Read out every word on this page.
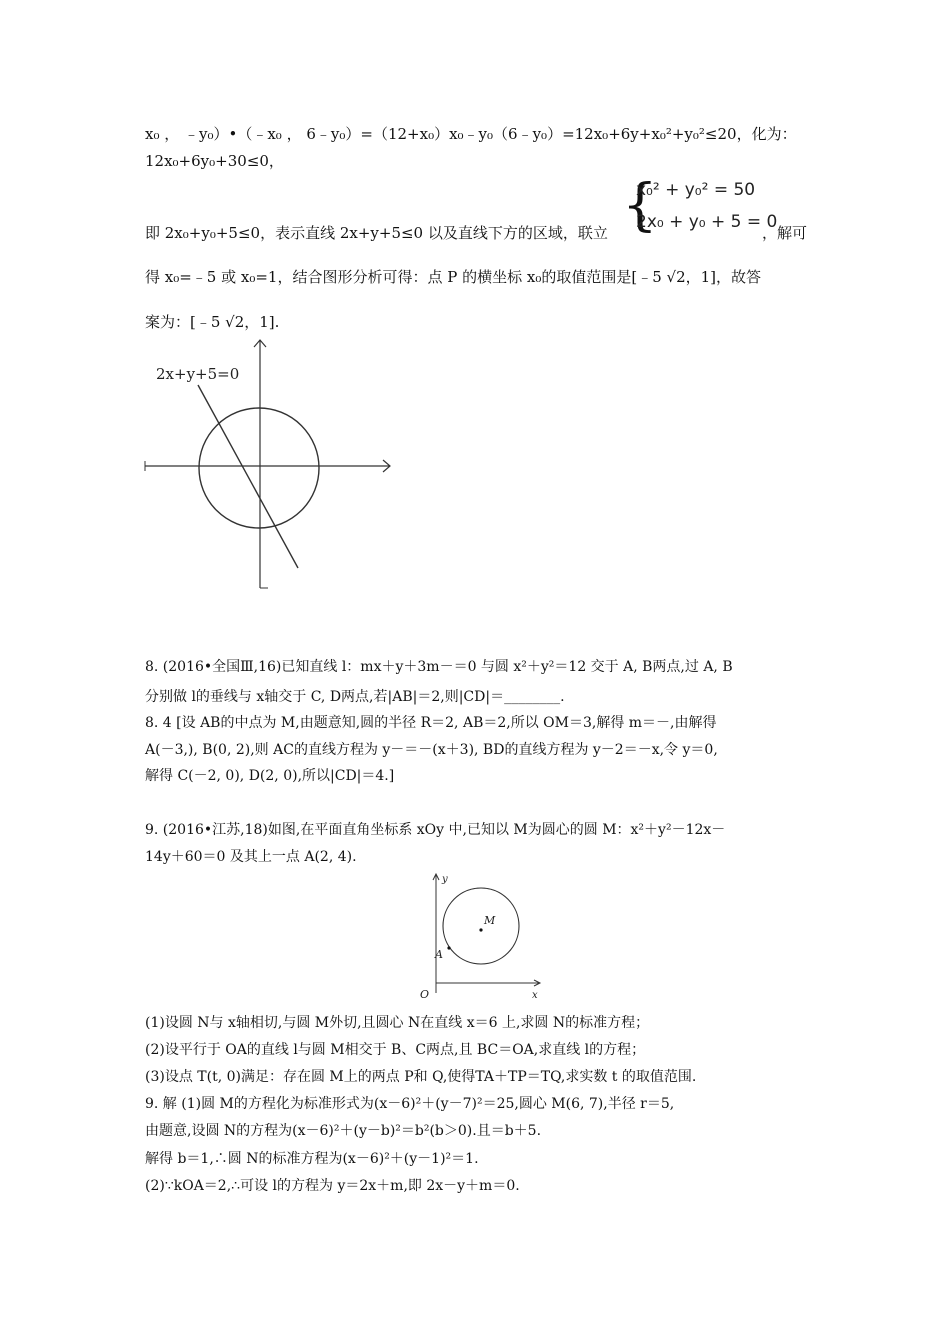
x₀ ， ﹣y₀）•（﹣x₀ ， 6﹣y₀）=（12+x₀）x₀﹣y₀（6﹣y₀）=12x₀+6y+x₀²+y₀²≤20，化为：
12x₀+6y₀+30≤0，
即 2x₀+y₀+5≤0，表示直线 2x+y+5≤0 以及直线下方的区域，联立 {
x₀² + y₀² = 50
2x₀ + y₀ + 5 = 0
，解可
得 x₀=﹣5 或 x₀=1，结合图形分析可得：点 P 的横坐标 x₀的取值范围是[﹣5 √2，1]，故答
案为：[﹣5 √2，1].
2x+y+5=0
8. (2016•全国Ⅲ,16)已知直线 l：mx＋y＋3m－＝0 与圆 x²＋y²＝12 交于 A, B两点,过 A, B
分别做 l的垂线与 x轴交于 C, D两点,若|AB|＝2,则|CD|＝________.
8. 4 [设 AB的中点为 M,由题意知,圆的半径 R＝2, AB＝2,所以 OM＝3,解得 m＝－,由解得
A(－3,), B(0, 2),则 AC的直线方程为 y－＝－(x＋3), BD的直线方程为 y－2＝－x,令 y＝0,
解得 C(－2, 0), D(2, 0),所以|CD|＝4.]
9. (2016•江苏,18)如图,在平面直角坐标系 xOy 中,已知以 M为圆心的圆 M：x²＋y²－12x－
14y＋60＝0 及其上一点 A(2, 4).
y
x
O
M
A
(1)设圆 N与 x轴相切,与圆 M外切,且圆心 N在直线 x＝6 上,求圆 N的标准方程；
(2)设平行于 OA的直线 l与圆 M相交于 B、C两点,且 BC＝OA,求直线 l的方程；
(3)设点 T(t, 0)满足：存在圆 M上的两点 P和 Q,使得TA＋TP＝TQ,求实数 t 的取值范围.
9. 解 (1)圆 M的方程化为标准形式为(x－6)²＋(y－7)²＝25,圆心 M(6, 7),半径 r＝5,
由题意,设圆 N的方程为(x－6)²＋(y－b)²＝b²(b＞0).且＝b＋5.
解得 b＝1,∴圆 N的标准方程为(x－6)²＋(y－1)²＝1.
(2)∵kOA＝2,∴可设 l的方程为 y＝2x＋m,即 2x－y＋m＝0.
